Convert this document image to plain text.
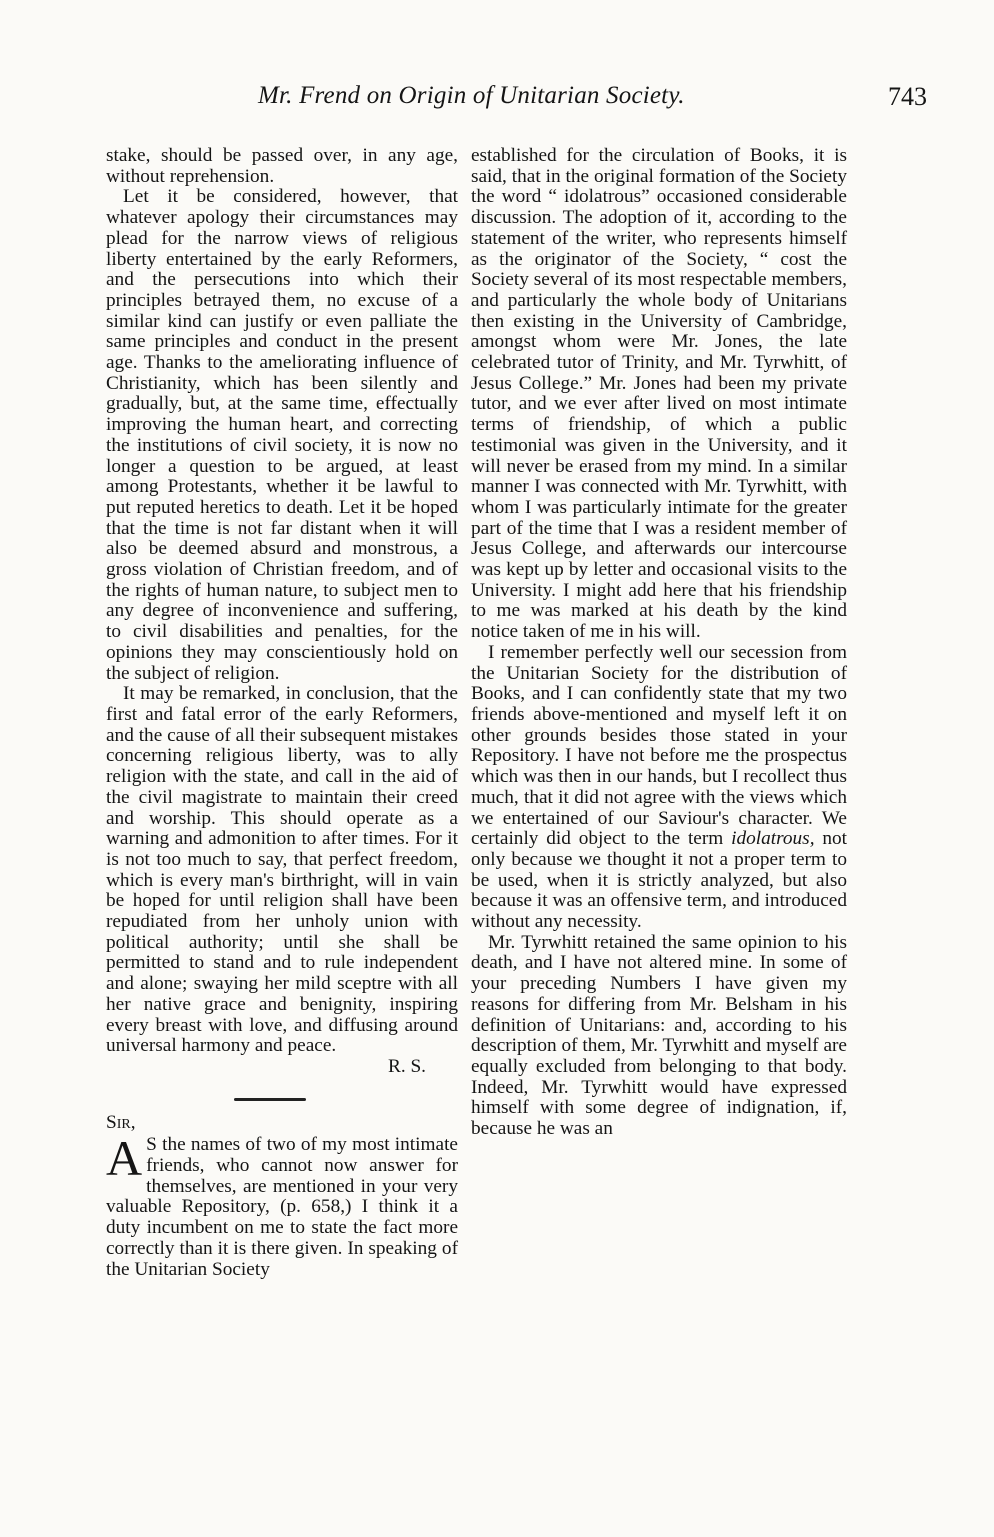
Mr. Frend on Origin of Unitarian Society.	743

stake, should be passed over, in any age, without reprehension.

Let it be considered, however, that whatever apology their circumstances may plead for the narrow views of religious liberty entertained by the early Reformers, and the persecutions into which their principles betrayed them, no excuse of a similar kind can justify or even palliate the same principles and conduct in the present age. Thanks to the ameliorating influence of Christianity, which has been silently and gradually, but, at the same time, effectually improving the human heart, and correcting the institutions of civil society, it is now no longer a question to be argued, at least among Protestants, whether it be lawful to put reputed heretics to death. Let it be hoped that the time is not far distant when it will also be deemed absurd and monstrous, a gross violation of Christian freedom, and of the rights of human nature, to subject men to any degree of inconvenience and suffering, to civil disabilities and penalties, for the opinions they may conscientiously hold on the subject of religion.

It may be remarked, in conclusion, that the first and fatal error of the early Reformers, and the cause of all their subsequent mistakes concerning religious liberty, was to ally religion with the state, and call in the aid of the civil magistrate to maintain their creed and worship. This should operate as a warning and admonition to after times. For it is not too much to say, that perfect freedom, which is every man's birthright, will in vain be hoped for until religion shall have been repudiated from her unholy union with political authority; until she shall be permitted to stand and to rule independent and alone; swaying her mild sceptre with all her native grace and benignity, inspiring every breast with love, and diffusing around universal harmony and peace.

R. S.

Sir,

A S the names of two of my most intimate friends, who cannot now answer for themselves, are mentioned in your very valuable Repository, (p. 658,) I think it a duty incumbent on me to state the fact more correctly than it is there given. In speaking of the Unitarian Society

established for the circulation of Books, it is said, that in the original formation of the Society the word “ idolatrous” occasioned considerable discussion. The adoption of it, according to the statement of the writer, who represents himself as the originator of the Society, “ cost the Society several of its most respectable members, and particularly the whole body of Unitarians then existing in the University of Cambridge, amongst whom were Mr. Jones, the late celebrated tutor of Trinity, and Mr. Tyrwhitt, of Jesus College.” Mr. Jones had been my private tutor, and we ever after lived on most intimate terms of friendship, of which a public testimonial was given in the University, and it will never be erased from my mind. In a similar manner I was connected with Mr. Tyrwhitt, with whom I was particularly intimate for the greater part of the time that I was a resident member of Jesus College, and afterwards our intercourse was kept up by letter and occasional visits to the University. I might add here that his friendship to me was marked at his death by the kind notice taken of me in his will.

I remember perfectly well our secession from the Unitarian Society for the distribution of Books, and I can confidently state that my two friends above-mentioned and myself left it on other grounds besides those stated in your Repository. I have not before me the prospectus which was then in our hands, but I recollect thus much, that it did not agree with the views which we entertained of our Saviour's character. We certainly did object to the term idolatrous, not only because we thought it not a proper term to be used, when it is strictly analyzed, but also because it was an offensive term, and introduced without any necessity.

Mr. Tyrwhitt retained the same opinion to his death, and I have not altered mine. In some of your preceding Numbers I have given my reasons for differing from Mr. Belsham in his definition of Unitarians: and, according to his description of them, Mr. Tyrwhitt and myself are equally excluded from belonging to that body. Indeed, Mr. Tyrwhitt would have expressed himself with some degree of indignation, if, because he was an
